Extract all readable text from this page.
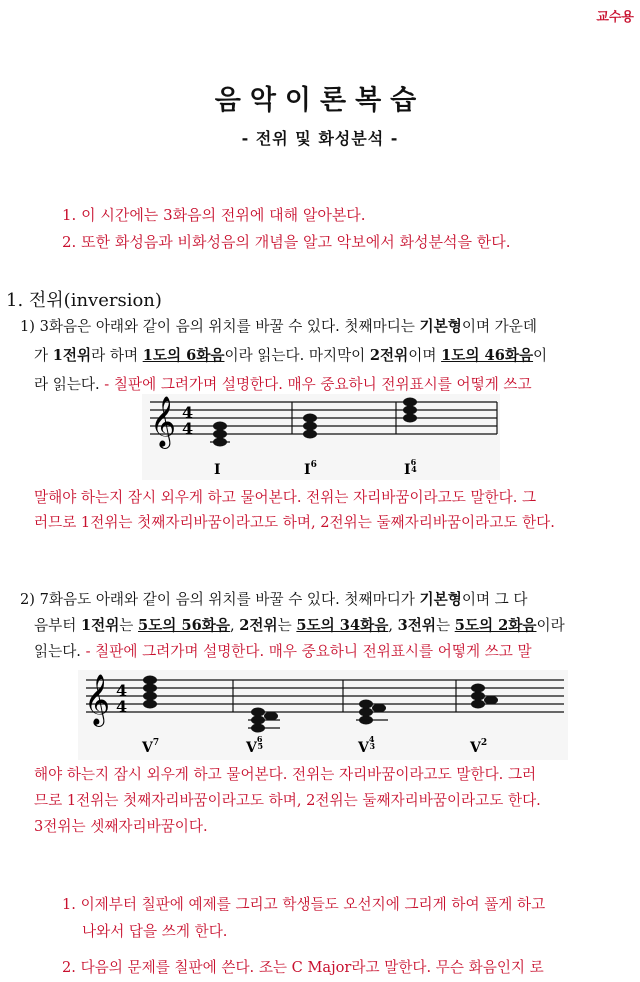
교수용
음악이론복습
- 전위 및 화성분석 -
1. 이 시간에는 3화음의 전위에 대해 알아본다.
2. 또한 화성음과 비화성음의 개념을 알고 악보에서 화성분석을 한다.
1. 전위(inversion)
1) 3화음은 아래와 같이 음의 위치를 바꿀 수 있다. 첫째마디는 기본형이며 가운데
가 1전위라 하며 1도의 6화음이라 읽는다. 마지막이 2전위이며 1도의 46화음이
라 읽는다. - 칠판에 그려가며 설명한다. 매우 중요하니 전위표시를 어떻게 쓰고
𝄞 4
4
I	$I^6$	$I^6$ 4
말해야 하는지 잠시 외우게 하고 물어본다. 전위는 자리바꿈이라고도 말한다. 그
러므로 1전위는 첫째자리바꿈이라고도 하며, 2전위는 둘째자리바꿈이라고도 한다.
2) 7화음도 아래와 같이 음의 위치를 바꿀 수 있다. 첫째마디가 기본형이며 그 다
음부터 1전위는 5도의 56화음, 2전위는 5도의 34화음, 3전위는 5도의 2화음이라
읽는다. - 칠판에 그려가며 설명한다. 매우 중요하니 전위표시를 어떻게 쓰고 말
𝄞 4
4
$V^7$	$V^6$ 5	$V^4$ 3	$V^2$
해야 하는지 잠시 외우게 하고 물어본다. 전위는 자리바꿈이라고도 말한다. 그러
므로 1전위는 첫째자리바꿈이라고도 하며, 2전위는 둘째자리바꿈이라고도 한다.
3전위는 셋째자리바꿈이다.
1. 이제부터 칠판에 예제를 그리고 학생들도 오선지에 그리게 하여 풀게 하고
나와서 답을 쓰게 한다.
2. 다음의 문제를 칠판에 쓴다. 조는 C Major라고 말한다. 무슨 화음인지 로
